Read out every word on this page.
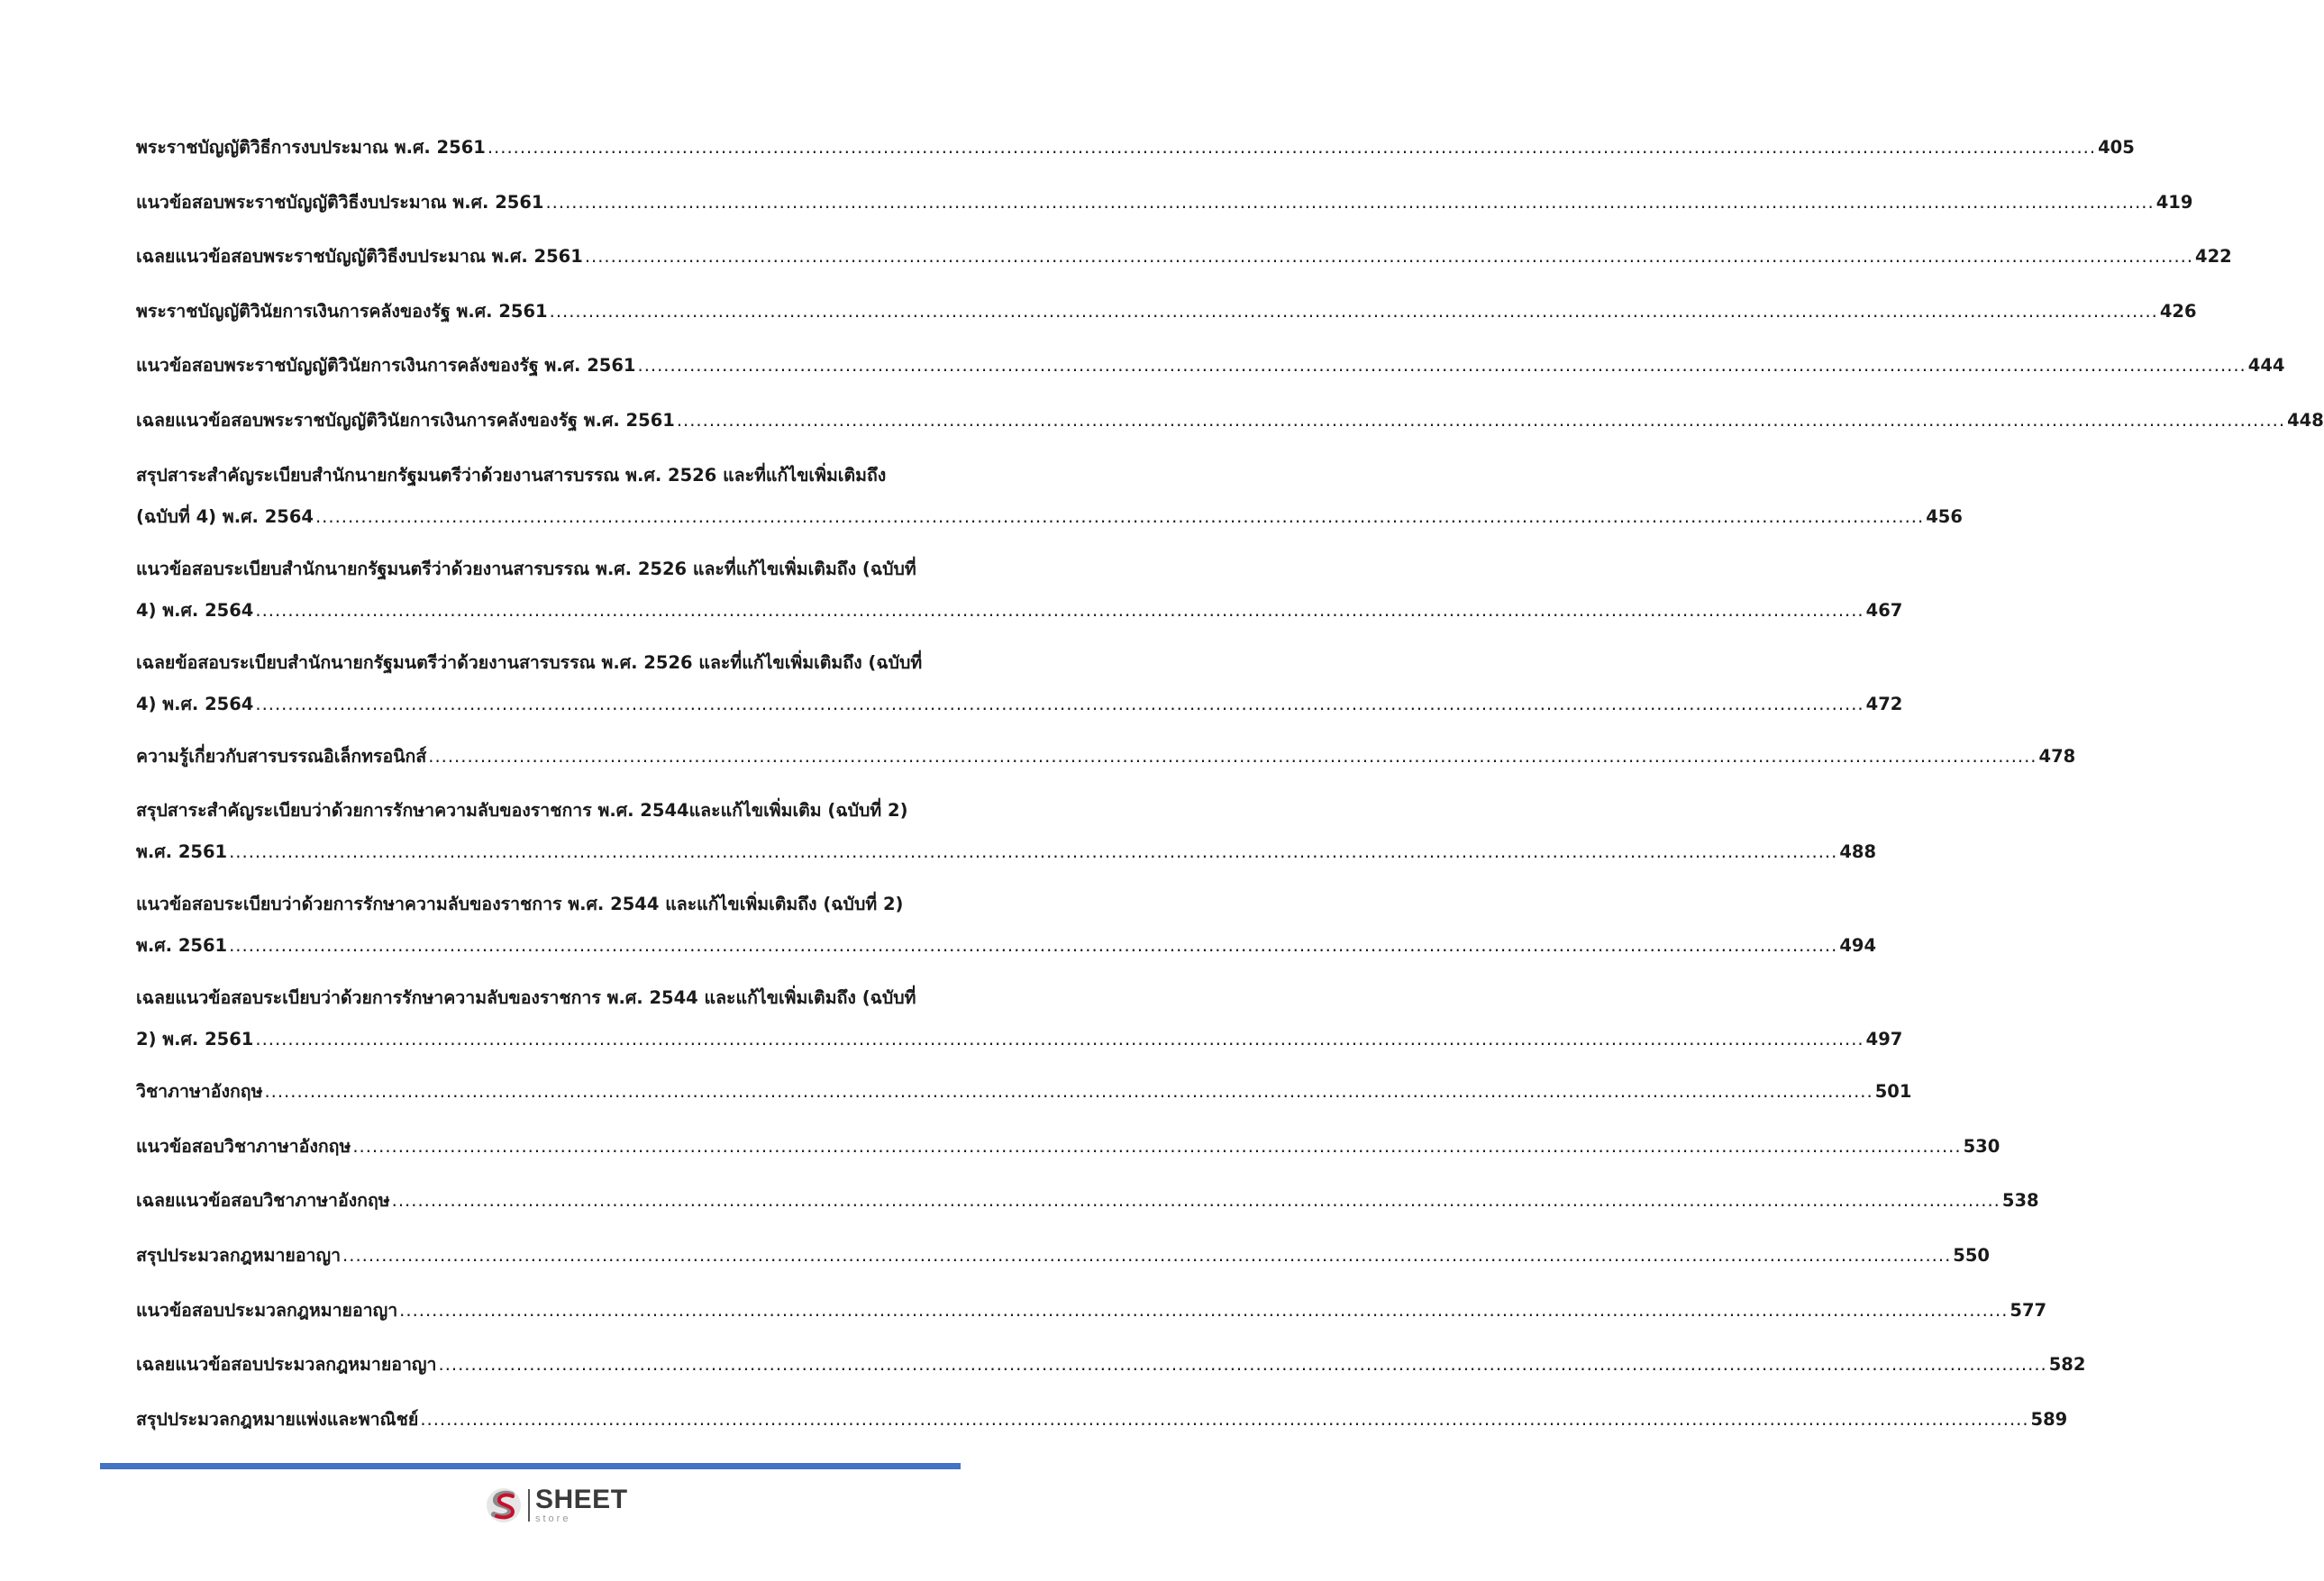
พระราชบัญญัติวิธีการงบประมาณ พ.ศ. 2561 .....	405
แนวข้อสอบพระราชบัญญัติวิธีงบประมาณ พ.ศ. 2561 .....	419
เฉลยแนวข้อสอบพระราชบัญญัติวิธีงบประมาณ พ.ศ. 2561 .....	422
พระราชบัญญัติวินัยการเงินการคลังของรัฐ พ.ศ. 2561 .....	426
แนวข้อสอบพระราชบัญญัติวินัยการเงินการคลังของรัฐ พ.ศ. 2561 .....	444
เฉลยแนวข้อสอบพระราชบัญญัติวินัยการเงินการคลังของรัฐ พ.ศ. 2561 .....	448
สรุปสาระสำคัญระเบียบสำนักนายกรัฐมนตรีว่าด้วยงานสารบรรณ พ.ศ. 2526 และที่แก้ไขเพิ่มเติมถึง
(ฉบับที่ 4) พ.ศ. 2564 .....	456
แนวข้อสอบระเบียบสำนักนายกรัฐมนตรีว่าด้วยงานสารบรรณ พ.ศ. 2526 และที่แก้ไขเพิ่มเติมถึง (ฉบับที่
4) พ.ศ. 2564 .....	467
เฉลยข้อสอบระเบียบสำนักนายกรัฐมนตรีว่าด้วยงานสารบรรณ พ.ศ. 2526 และที่แก้ไขเพิ่มเติมถึง (ฉบับที่
4) พ.ศ. 2564 .....	472
ความรู้เกี่ยวกับสารบรรณอิเล็กทรอนิกส์ .....	478
สรุปสาระสำคัญระเบียบว่าด้วยการรักษาความลับของราชการ พ.ศ. 2544และแก้ไขเพิ่มเติม (ฉบับที่ 2)
พ.ศ. 2561 .....	488
แนวข้อสอบระเบียบว่าด้วยการรักษาความลับของราชการ พ.ศ. 2544 และแก้ไขเพิ่มเติมถึง (ฉบับที่ 2)
พ.ศ. 2561 .....	494
เฉลยแนวข้อสอบระเบียบว่าด้วยการรักษาความลับของราชการ พ.ศ. 2544 และแก้ไขเพิ่มเติมถึง (ฉบับที่
2) พ.ศ. 2561 .....	497
วิชาภาษาอังกฤษ .....	501
แนวข้อสอบวิชาภาษาอังกฤษ .....	530
เฉลยแนวข้อสอบวิชาภาษาอังกฤษ .....	538
สรุปประมวลกฎหมายอาญา .....	550
แนวข้อสอบประมวลกฎหมายอาญา .....	577
เฉลยแนวข้อสอบประมวลกฎหมายอาญา .....	582
สรุปประมวลกฎหมายแพ่งและพาณิชย์ .....	589
SHEET
store
